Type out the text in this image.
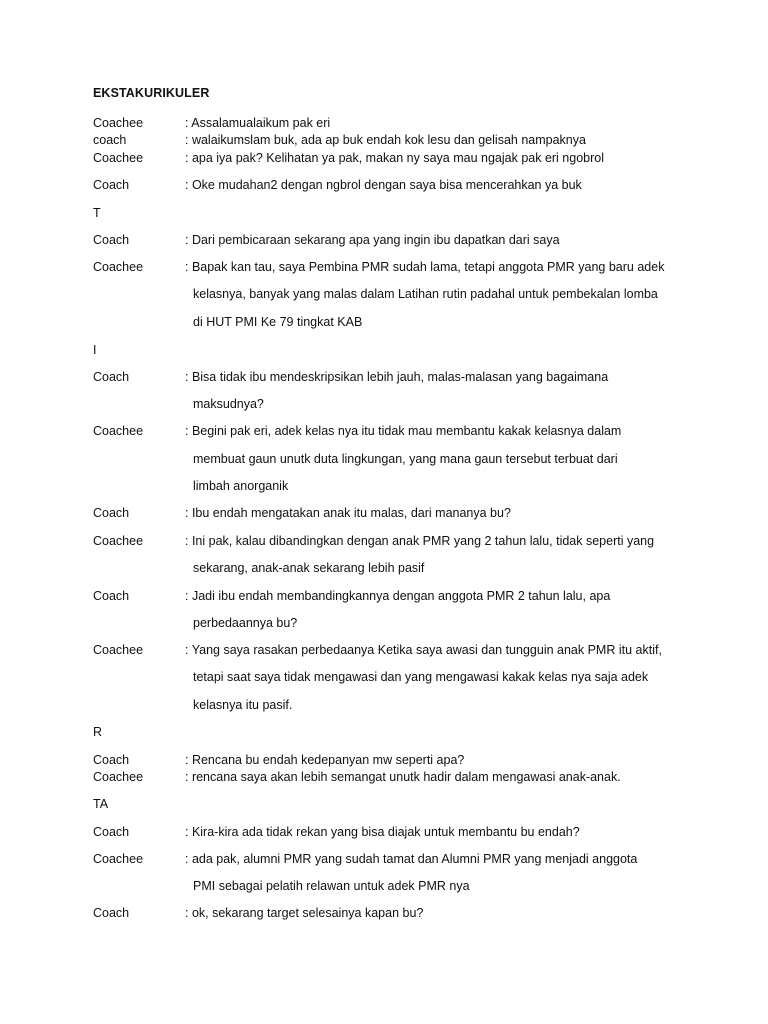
EKSTAKURIKULER
Coachee	: Assalamualaikum pak eri
coach	: walaikumslam buk, ada ap buk endah kok lesu dan gelisah nampaknya
Coachee	: apa iya pak? Kelihatan ya pak, makan ny saya mau ngajak pak eri ngobrol
Coach	: Oke mudahan2 dengan ngbrol dengan saya bisa mencerahkan ya buk
T
Coach	: Dari pembicaraan sekarang apa yang ingin ibu dapatkan dari saya
Coachee	: Bapak kan tau, saya Pembina PMR sudah lama, tetapi anggota PMR yang baru adek
kelasnya, banyak yang malas dalam Latihan rutin padahal untuk pembekalan lomba
di HUT PMI Ke 79 tingkat KAB
I
Coach	: Bisa tidak ibu mendeskripsikan lebih jauh, malas-malasan yang bagaimana
maksudnya?
Coachee	: Begini pak eri, adek kelas nya itu tidak mau membantu kakak kelasnya dalam
membuat gaun unutk duta lingkungan, yang mana gaun tersebut terbuat dari
limbah anorganik
Coach	: Ibu endah mengatakan anak itu malas, dari mananya bu?
Coachee	: Ini pak, kalau dibandingkan dengan anak PMR yang 2 tahun lalu, tidak seperti yang
sekarang, anak-anak sekarang lebih pasif
Coach	: Jadi ibu endah membandingkannya dengan anggota PMR 2 tahun lalu, apa
perbedaannya bu?
Coachee	: Yang saya rasakan perbedaanya Ketika saya awasi dan tungguin anak PMR itu aktif,
tetapi saat saya tidak mengawasi dan yang mengawasi kakak kelas nya saja adek
kelasnya itu pasif.
R
Coach	: Rencana bu endah kedepanyan mw seperti apa?
Coachee	: rencana saya akan lebih semangat unutk hadir dalam mengawasi anak-anak.
TA
Coach	: Kira-kira ada tidak rekan yang bisa diajak untuk membantu bu endah?
Coachee	: ada pak, alumni PMR yang sudah tamat dan Alumni PMR yang menjadi anggota
PMI sebagai pelatih relawan untuk adek PMR nya
Coach	: ok, sekarang target selesainya kapan bu?
